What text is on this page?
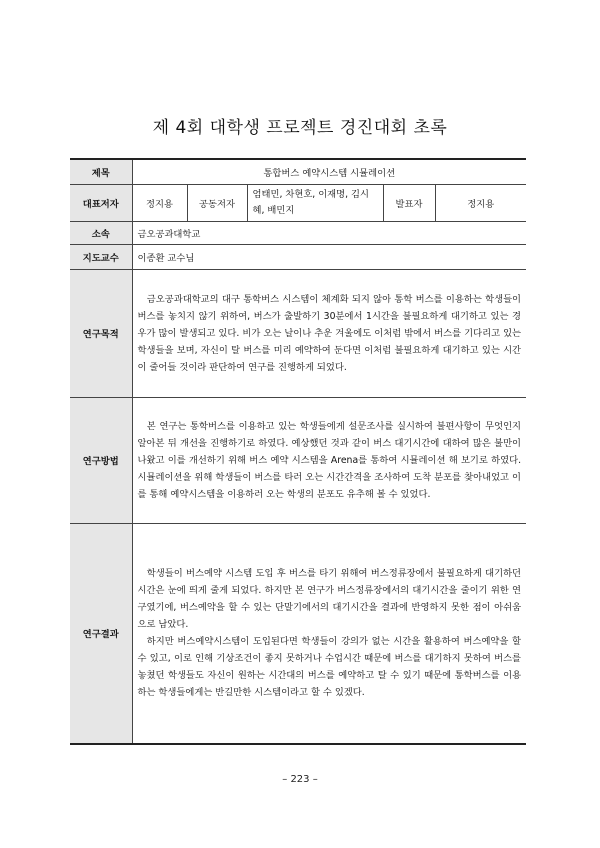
제 4회 대학생 프로젝트 경진대회 초록
제목	통합버스 예약시스템 시뮬레이션				
대표저자	정지용	공동저자	엄태민, 차현호, 이재명, 김시혜, 배민지	발표자	정지용
소속	금오공과대학교				
지도교수	이종환 교수님				
연구목적	금오공과대학교의 대구 통학버스 시스템이 체계화 되지 않아 통학 버스를 이용하는 학생들이 버스를 놓치지 않기 위하여, 버스가 출발하기 30분에서 1시간을 불필요하게 대기하고 있는 경우가 많이 발생되고 있다. 비가 오는 날이나 추운 겨울에도 이처럼 밖에서 버스를 기다리고 있는 학생들을 보며, 자신이 탈 버스를 미리 예약하여 둔다면 이처럼 불필요하게 대기하고 있는 시간이 줄어들 것이라 판단하여 연구를 진행하게 되었다.				

연구방법	본 연구는 통학버스를 이용하고 있는 학생들에게 설문조사를 실시하여 불편사항이 무엇인지 알아본 뒤 개선을 진행하기로 하였다. 예상했던 것과 같이 버스 대기시간에 대하여 많은 불만이 나왔고 이를 개선하기 위해 버스 예약 시스템을 Arena를 통하여 시뮬레이션 해 보기로 하였다. 시뮬레이션을 위해 학생들이 버스를 타러 오는 시간간격을 조사하여 도착 분포를 찾아내었고 이를 통해 예약시스템을 이용하러 오는 학생의 분포도 유추해 볼 수 있었다.				

연구결과	학생들이 버스예약 시스템 도입 후 버스를 타기 위해여 버스정류장에서 불필요하게 대기하던 시간은 눈에 띄게 줄게 되었다. 하지만 본 연구가 버스정류장에서의 대기시간을 줄이기 위한 연구였기에, 버스예약을 할 수 있는 단말기에서의 대기시간을 결과에 반영하지 못한 점이 아쉬움으로 남았다.

하지만 버스예약시스템이 도입된다면 학생들이 강의가 없는 시간을 활용하여 버스예약을 할 수 있고, 이로 인해 기상조건이 좋지 못하거나 수업시간 때문에 버스를 대기하지 못하여 버스를 놓쳤던 학생들도 자신이 원하는 시간대의 버스를 예약하고 탈 수 있기 때문에 통학버스를 이용하는 학생들에게는 반길만한 시스템이라고 할 수 있겠다.				

– 223 –
